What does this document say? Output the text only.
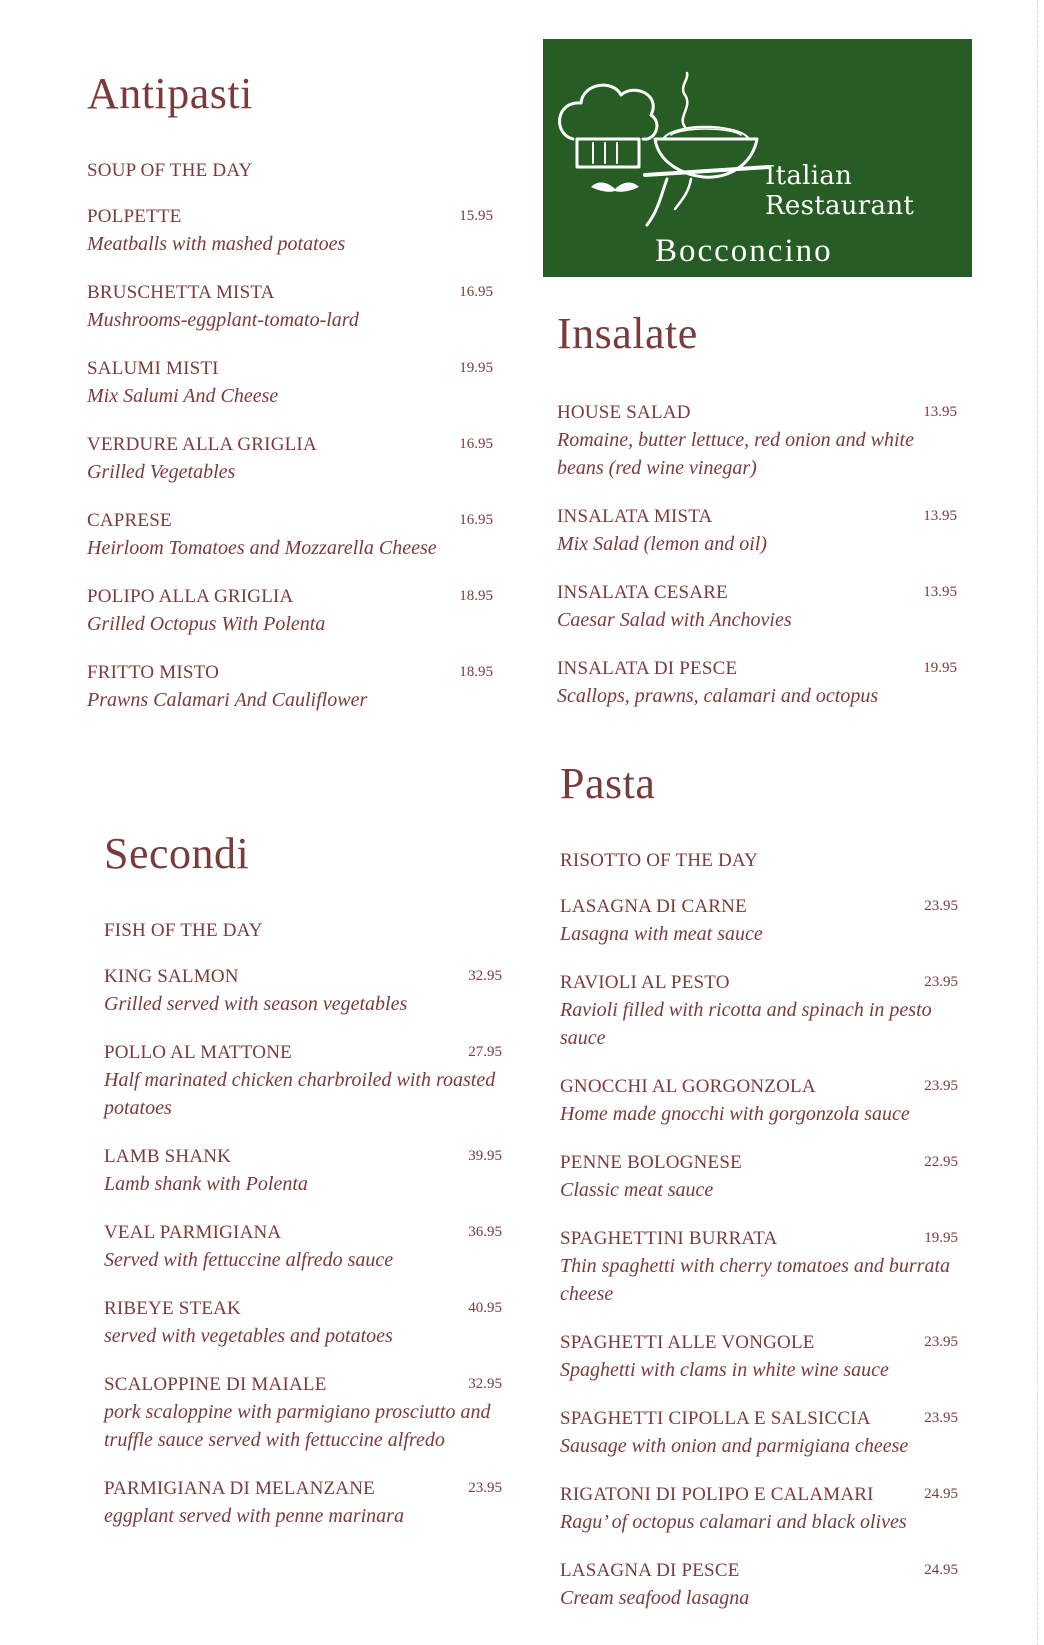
Italian Restaurant
Bocconcino
Antipasti
SOUP OF THE DAY
POLPETTE	15.95
Meatballs with mashed potatoes
BRUSCHETTA MISTA	16.95
Mushrooms-eggplant-tomato-lard
SALUMI MISTI	19.95
Mix Salumi And Cheese
VERDURE ALLA GRIGLIA	16.95
Grilled Vegetables
CAPRESE	16.95
Heirloom Tomatoes and Mozzarella Cheese
POLIPO ALLA GRIGLIA	18.95
Grilled Octopus With Polenta
FRITTO MISTO	18.95
Prawns Calamari And Cauliflower
Insalate
HOUSE SALAD	13.95
Romaine, butter lettuce, red onion and white beans (red wine vinegar)
INSALATA MISTA	13.95
Mix Salad (lemon and oil)
INSALATA CESARE	13.95
Caesar Salad with Anchovies
INSALATA DI PESCE	19.95
Scallops, prawns, calamari and octopus
Pasta
RISOTTO OF THE DAY
LASAGNA DI CARNE	23.95
Lasagna with meat sauce
RAVIOLI AL PESTO	23.95
Ravioli filled with ricotta and spinach in pesto sauce
GNOCCHI AL GORGONZOLA	23.95
Home made gnocchi with gorgonzola sauce
PENNE BOLOGNESE	22.95
Classic meat sauce
SPAGHETTINI BURRATA	19.95
Thin spaghetti with cherry tomatoes and burrata cheese
SPAGHETTI ALLE VONGOLE	23.95
Spaghetti with clams in white wine sauce
SPAGHETTI CIPOLLA E SALSICCIA	23.95
Sausage with onion and parmigiana cheese
RIGATONI DI POLIPO E CALAMARI	24.95
Ragu’ of octopus calamari and black olives
LASAGNA DI PESCE	24.95
Cream seafood lasagna
Secondi
FISH OF THE DAY
KING SALMON	32.95
Grilled served with season vegetables
POLLO AL MATTONE	27.95
Half marinated chicken charbroiled with roasted potatoes
LAMB SHANK	39.95
Lamb shank with Polenta
VEAL PARMIGIANA	36.95
Served with fettuccine alfredo sauce
RIBEYE STEAK	40.95
served with vegetables and potatoes
SCALOPPINE DI MAIALE	32.95
pork scaloppine with parmigiano prosciutto and truffle sauce served with fettuccine alfredo
PARMIGIANA DI MELANZANE	23.95
eggplant served with penne marinara
